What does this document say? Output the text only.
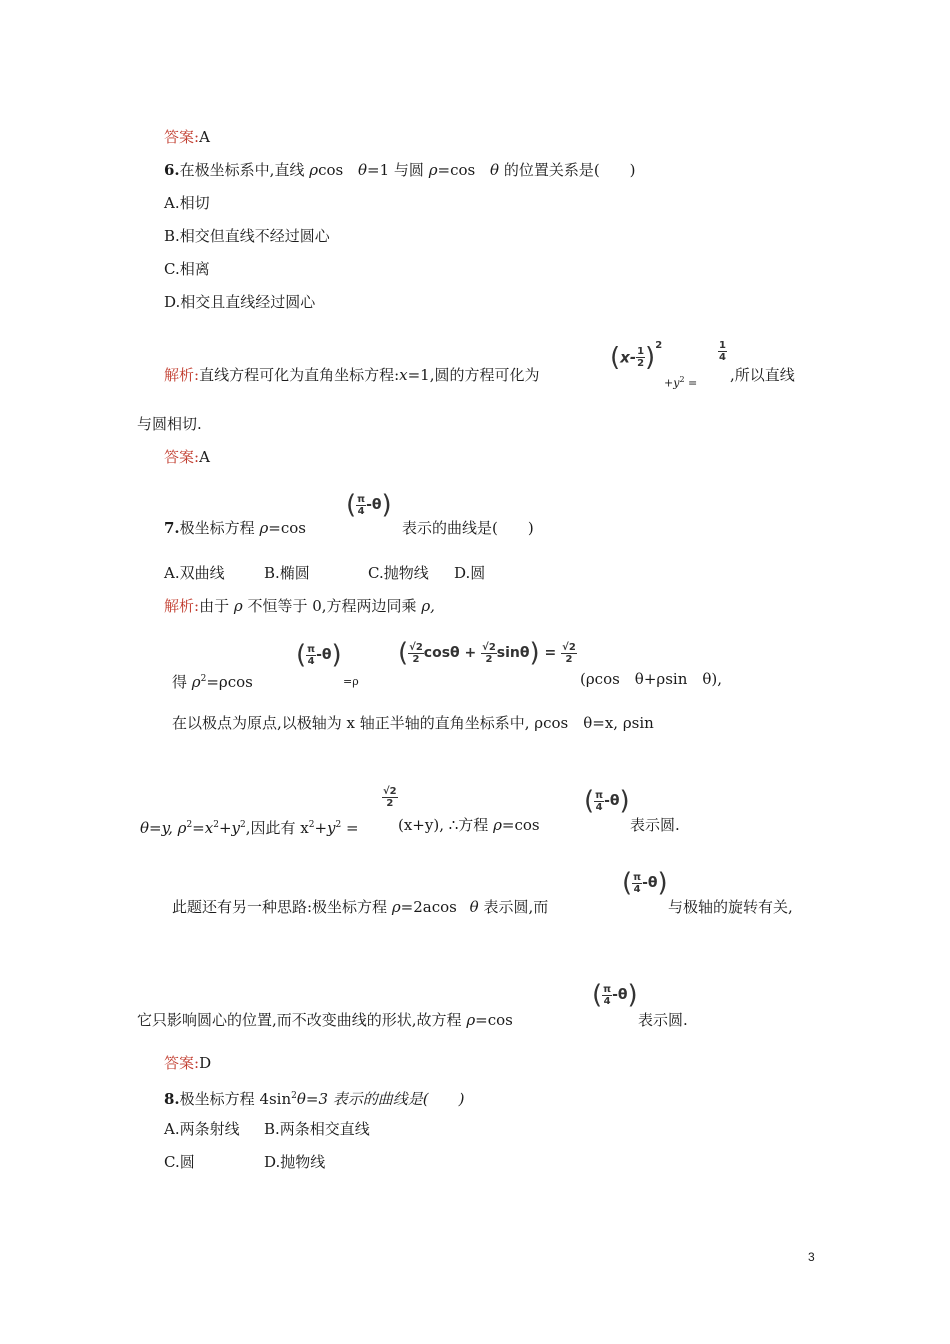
答案:A
6.在极坐标系中,直线 ρcos θ=1 与圆 ρ=cos θ 的位置关系是(　　)
A.相切
B.相交但直线不经过圆心
C.相离
D.相交且直线经过圆心
解析:直线方程可化为直角坐标方程:x=1,圆的方程可化为
$(x- \frac{1}{2} )^2$
$+y^2$ =
$\frac{1}{4}$
,所以直线
与圆相切.
答案:A
7.极坐标方程 ρ=cos
( $\frac{\pi}{4} -\theta$)
表示的曲线是(　　)
A.双曲线	B.椭圆	C.抛物线 D.圆
解析:由于 ρ 不恒等于 0,方程两边同乘 ρ,
得 $\rho^2=\rho\cos$
( $\frac{\pi}{4} -\theta$)
=ρ
( $\frac{√2}{2}$ $\cos\theta + \frac{√2}{2} \sin\theta) = \frac{√2}{2}$
(ρcos　θ+ρsin　θ),
在以极点为原点,以极轴为 x 轴正半轴的直角坐标系中, ρcos　θ=x, ρsin
θ=y, $\rho^2=x^2+y^2$,因此有 $x^2+y^2$ =
$\frac{√2}{2}$
(x+y), ∴方程 ρ=cos
( $\frac{\pi}{4} -\theta$)
表示圆.
此题还有另一种思路:极坐标方程 ρ=2acos θ 表示圆,而
( $\frac{\pi}{4} -\theta$)
与极轴的旋转有关,
它只影响圆心的位置,而不改变曲线的形状,故方程 ρ=cos
( $\frac{\pi}{4} -\theta$)
表示圆.
答案:D
8.极坐标方程 $4\sin^2\theta=3$ 表示的曲线是(　　)
A.两条射线 B.两条相交直线
C.圆	D.抛物线
3
